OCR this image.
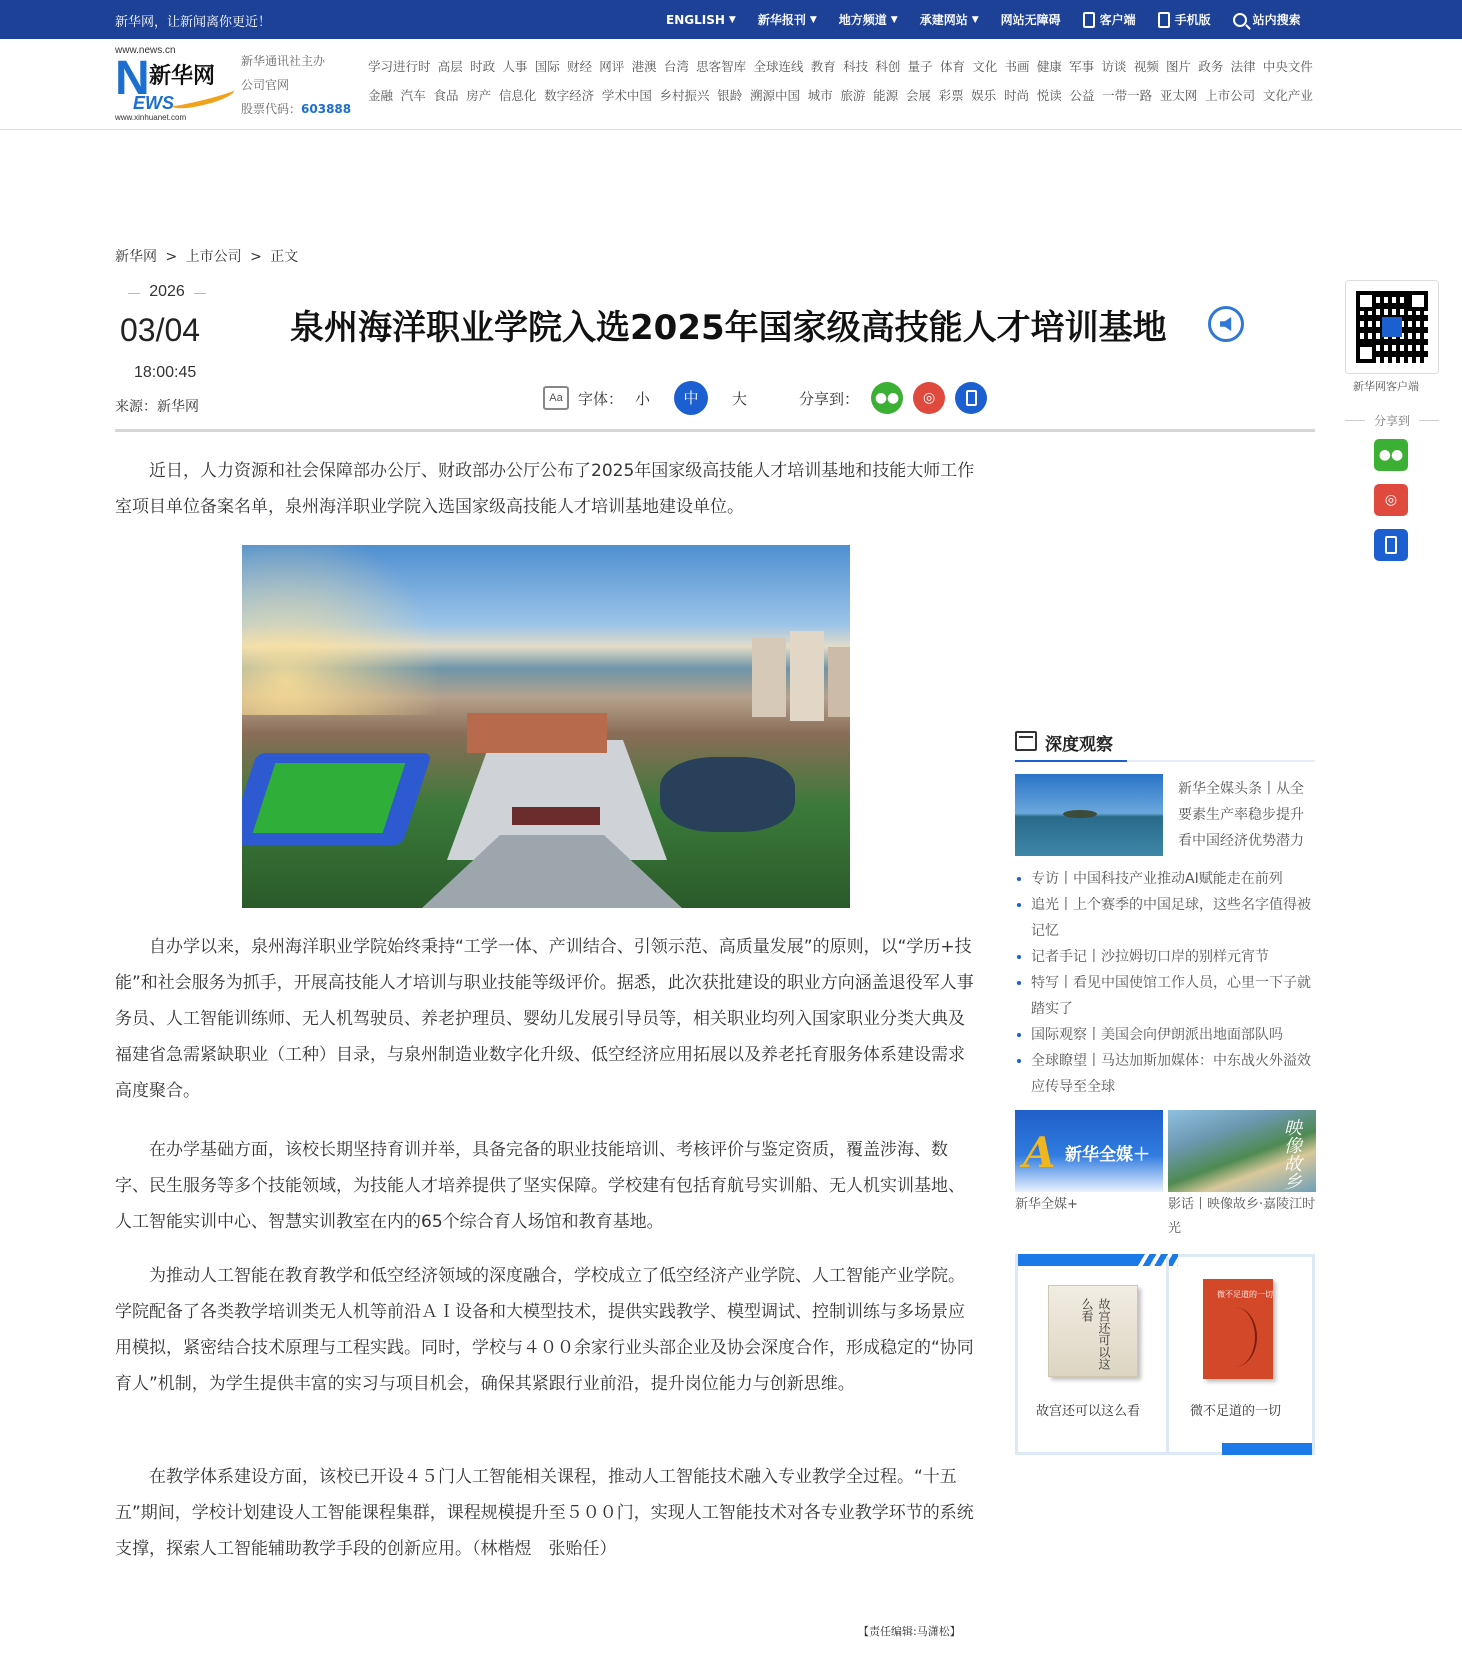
新华网，让新闻离你更近！	ENGLISH ▼ 新华报刊 ▼ 地方频道 ▼ 承建网站 ▼ 网站无障碍	客户端	手机版	站内搜索
www.news.cn
N 新华网
EWS
www.xinhuanet.com
新华通讯社主办
公司官网
股票代码：603888
学习进行时 高层 时政 人事 国际 财经 网评 港澳 台湾 思客智库 全球连线 教育 科技 科创 量子 体育 文化 书画 健康 军事 访谈 视频 图片 政务 法律 中央文件
金融 汽车 食品 房产 信息化 数字经济 学术中国 乡村振兴 银龄 溯源中国 城市 旅游 能源 会展 彩票 娱乐 时尚 悦读 公益 一带一路 亚太网 上市公司 文化产业
新华网 > 上市公司 > 正文
2026
03/04
18:00:45
来源：新华网
泉州海洋职业学院入选2025年国家级高技能人才培训基地
Aa	字体： 小	中	大	分享到： ●● ◎

近日，人力资源和社会保障部办公厅、财政部办公厅公布了2025年国家级高技能人才培训基地和技能大师工作室项目单位备案名单，泉州海洋职业学院入选国家级高技能人才培训基地建设单位。

自办学以来，泉州海洋职业学院始终秉持“工学一体、产训结合、引领示范、高质量发展”的原则，以“学历+技能”和社会服务为抓手，开展高技能人才培训与职业技能等级评价。据悉，此次获批建设的职业方向涵盖退役军人事务员、人工智能训练师、无人机驾驶员、养老护理员、婴幼儿发展引导员等，相关职业均列入国家职业分类大典及福建省急需紧缺职业（工种）目录，与泉州制造业数字化升级、低空经济应用拓展以及养老托育服务体系建设需求高度聚合。

在办学基础方面，该校长期坚持育训并举，具备完备的职业技能培训、考核评价与鉴定资质，覆盖涉海、数字、民生服务等多个技能领域，为技能人才培养提供了坚实保障。学校建有包括育航号实训船、无人机实训基地、人工智能实训中心、智慧实训教室在内的65个综合育人场馆和教育基地。

为推动人工智能在教育教学和低空经济领域的深度融合，学校成立了低空经济产业学院、人工智能产业学院。学院配备了各类教学培训类无人机等前沿ＡＩ设备和大模型技术，提供实践教学、模型调试、控制训练与多场景应用模拟，紧密结合技术原理与工程实践。同时，学校与４００余家行业头部企业及协会深度合作，形成稳定的“协同育人”机制，为学生提供丰富的实习与项目机会，确保其紧跟行业前沿，提升岗位能力与创新思维。

在教学体系建设方面，该校已开设４５门人工智能相关课程，推动人工智能技术融入专业教学全过程。“十五五”期间，学校计划建设人工智能课程集群，课程规模提升至５００门，实现人工智能技术对各专业教学环节的系统支撑，探索人工智能辅助教学手段的创新应用。（林楷煜　张贻任）

【责任编辑:马潇松】
新华网客户端
分享到
●●
◎
深度观察
新华全媒头条丨从全要素生产率稳步提升看中国经济优势潜力
专访丨中国科技产业推动AI赋能走在前列
追光丨上个赛季的中国足球，这些名字值得被记忆
记者手记丨沙拉姆切口岸的别样元宵节
特写丨看见中国使馆工作人员，心里一下子就踏实了
国际观察丨美国会向伊朗派出地面部队吗
全球瞭望丨马达加斯加媒体：中东战火外溢效应传导至全球
A 新华全媒＋	映像故乡
新华全媒+	影话丨映像故乡·嘉陵江时光
故宫还可以这么看
微不足道的一切
故宫还可以这么看	微不足道的一切
